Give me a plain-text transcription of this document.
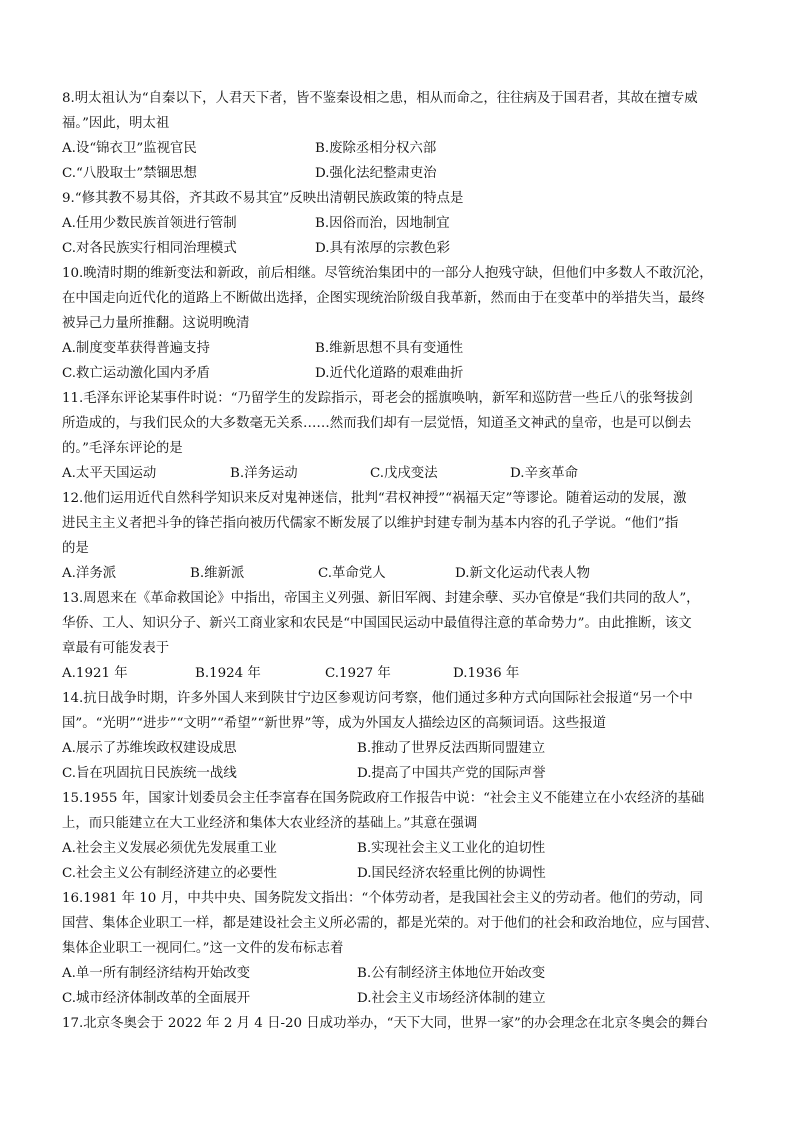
8.明太祖认为“自秦以下，人君天下者，皆不鉴秦设相之患，相从而命之，往往病及于国君者，其故在擅专威
福。”因此，明太祖
A.设“锦衣卫”监视官民	B.废除丞相分权六部
C.“八股取士”禁锢思想	D.强化法纪整肃吏治
9.“修其教不易其俗，齐其政不易其宜”反映出清朝民族政策的特点是
A.任用少数民族首领进行管制	B.因俗而治，因地制宜
C.对各民族实行相同治理模式	D.具有浓厚的宗教色彩
10.晚清时期的维新变法和新政，前后相继。尽管统治集团中的一部分人抱残守缺，但他们中多数人不敢沉沦，
在中国走向近代化的道路上不断做出选择，企图实现统治阶级自我革新，然而由于在变革中的举措失当，最终
被异己力量所推翻。这说明晚清
A.制度变革获得普遍支持	B.维新思想不具有变通性
C.救亡运动激化国内矛盾	D.近代化道路的艰难曲折
11.毛泽东评论某事件时说：“乃留学生的发踪指示，哥老会的摇旗唤呐，新军和巡防营一些丘八的张弩拔剑
所造成的，与我们民众的大多数毫无关系……然而我们却有一层觉悟，知道圣文神武的皇帝，也是可以倒去
的。”毛泽东评论的是
A.太平天国运动	B.洋务运动	C.戊戌变法	D.辛亥革命
12.他们运用近代自然科学知识来反对鬼神迷信，批判“君权神授”“祸福天定”等谬论。随着运动的发展，激
进民主主义者把斗争的锋芒指向被历代儒家不断发展了以维护封建专制为基本内容的孔子学说。“他们”指
的是
A.洋务派	B.维新派	C.革命党人	D.新文化运动代表人物
13.周恩来在《革命救国论》中指出，帝国主义列强、新旧军阀、封建余孽、买办官僚是“我们共同的敌人”，
华侨、工人、知识分子、新兴工商业家和农民是“中国国民运动中最值得注意的革命势力”。由此推断，该文
章最有可能发表于
A.1921 年	B.1924 年	C.1927 年	D.1936 年
14.抗日战争时期，许多外国人来到陕甘宁边区参观访问考察，他们通过多种方式向国际社会报道“另一个中
国”。“光明”“进步”“文明”“希望”“新世界”等，成为外国友人描绘边区的高频词语。这些报道
A.展示了苏维埃政权建设成思	B.推动了世界反法西斯同盟建立
C.旨在巩固抗日民族统一战线	D.提高了中国共产党的国际声誉
15.1955 年，国家计划委员会主任李富春在国务院政府工作报告中说：“社会主义不能建立在小农经济的基础
上，而只能建立在大工业经济和集体大农业经济的基础上。”其意在强调
A.社会主义发展必须优先发展重工业	B.实现社会主义工业化的迫切性
C.社会主义公有制经济建立的必要性	D.国民经济农轻重比例的协调性
16.1981 年 10 月，中共中央、国务院发文指出：“个体劳动者，是我国社会主义的劳动者。他们的劳动，同
国营、集体企业职工一样，都是建设社会主义所必需的，都是光荣的。对于他们的社会和政治地位，应与国营、
集体企业职工一视同仁。”这一文件的发布标志着
A.单一所有制经济结构开始改变	B.公有制经济主体地位开始改变
C.城市经济体制改革的全面展开	D.社会主义市场经济体制的建立
17.北京冬奥会于 2022 年 2 月 4 日-20 日成功举办，“天下大同，世界一家”的办会理念在北京冬奥会的舞台
